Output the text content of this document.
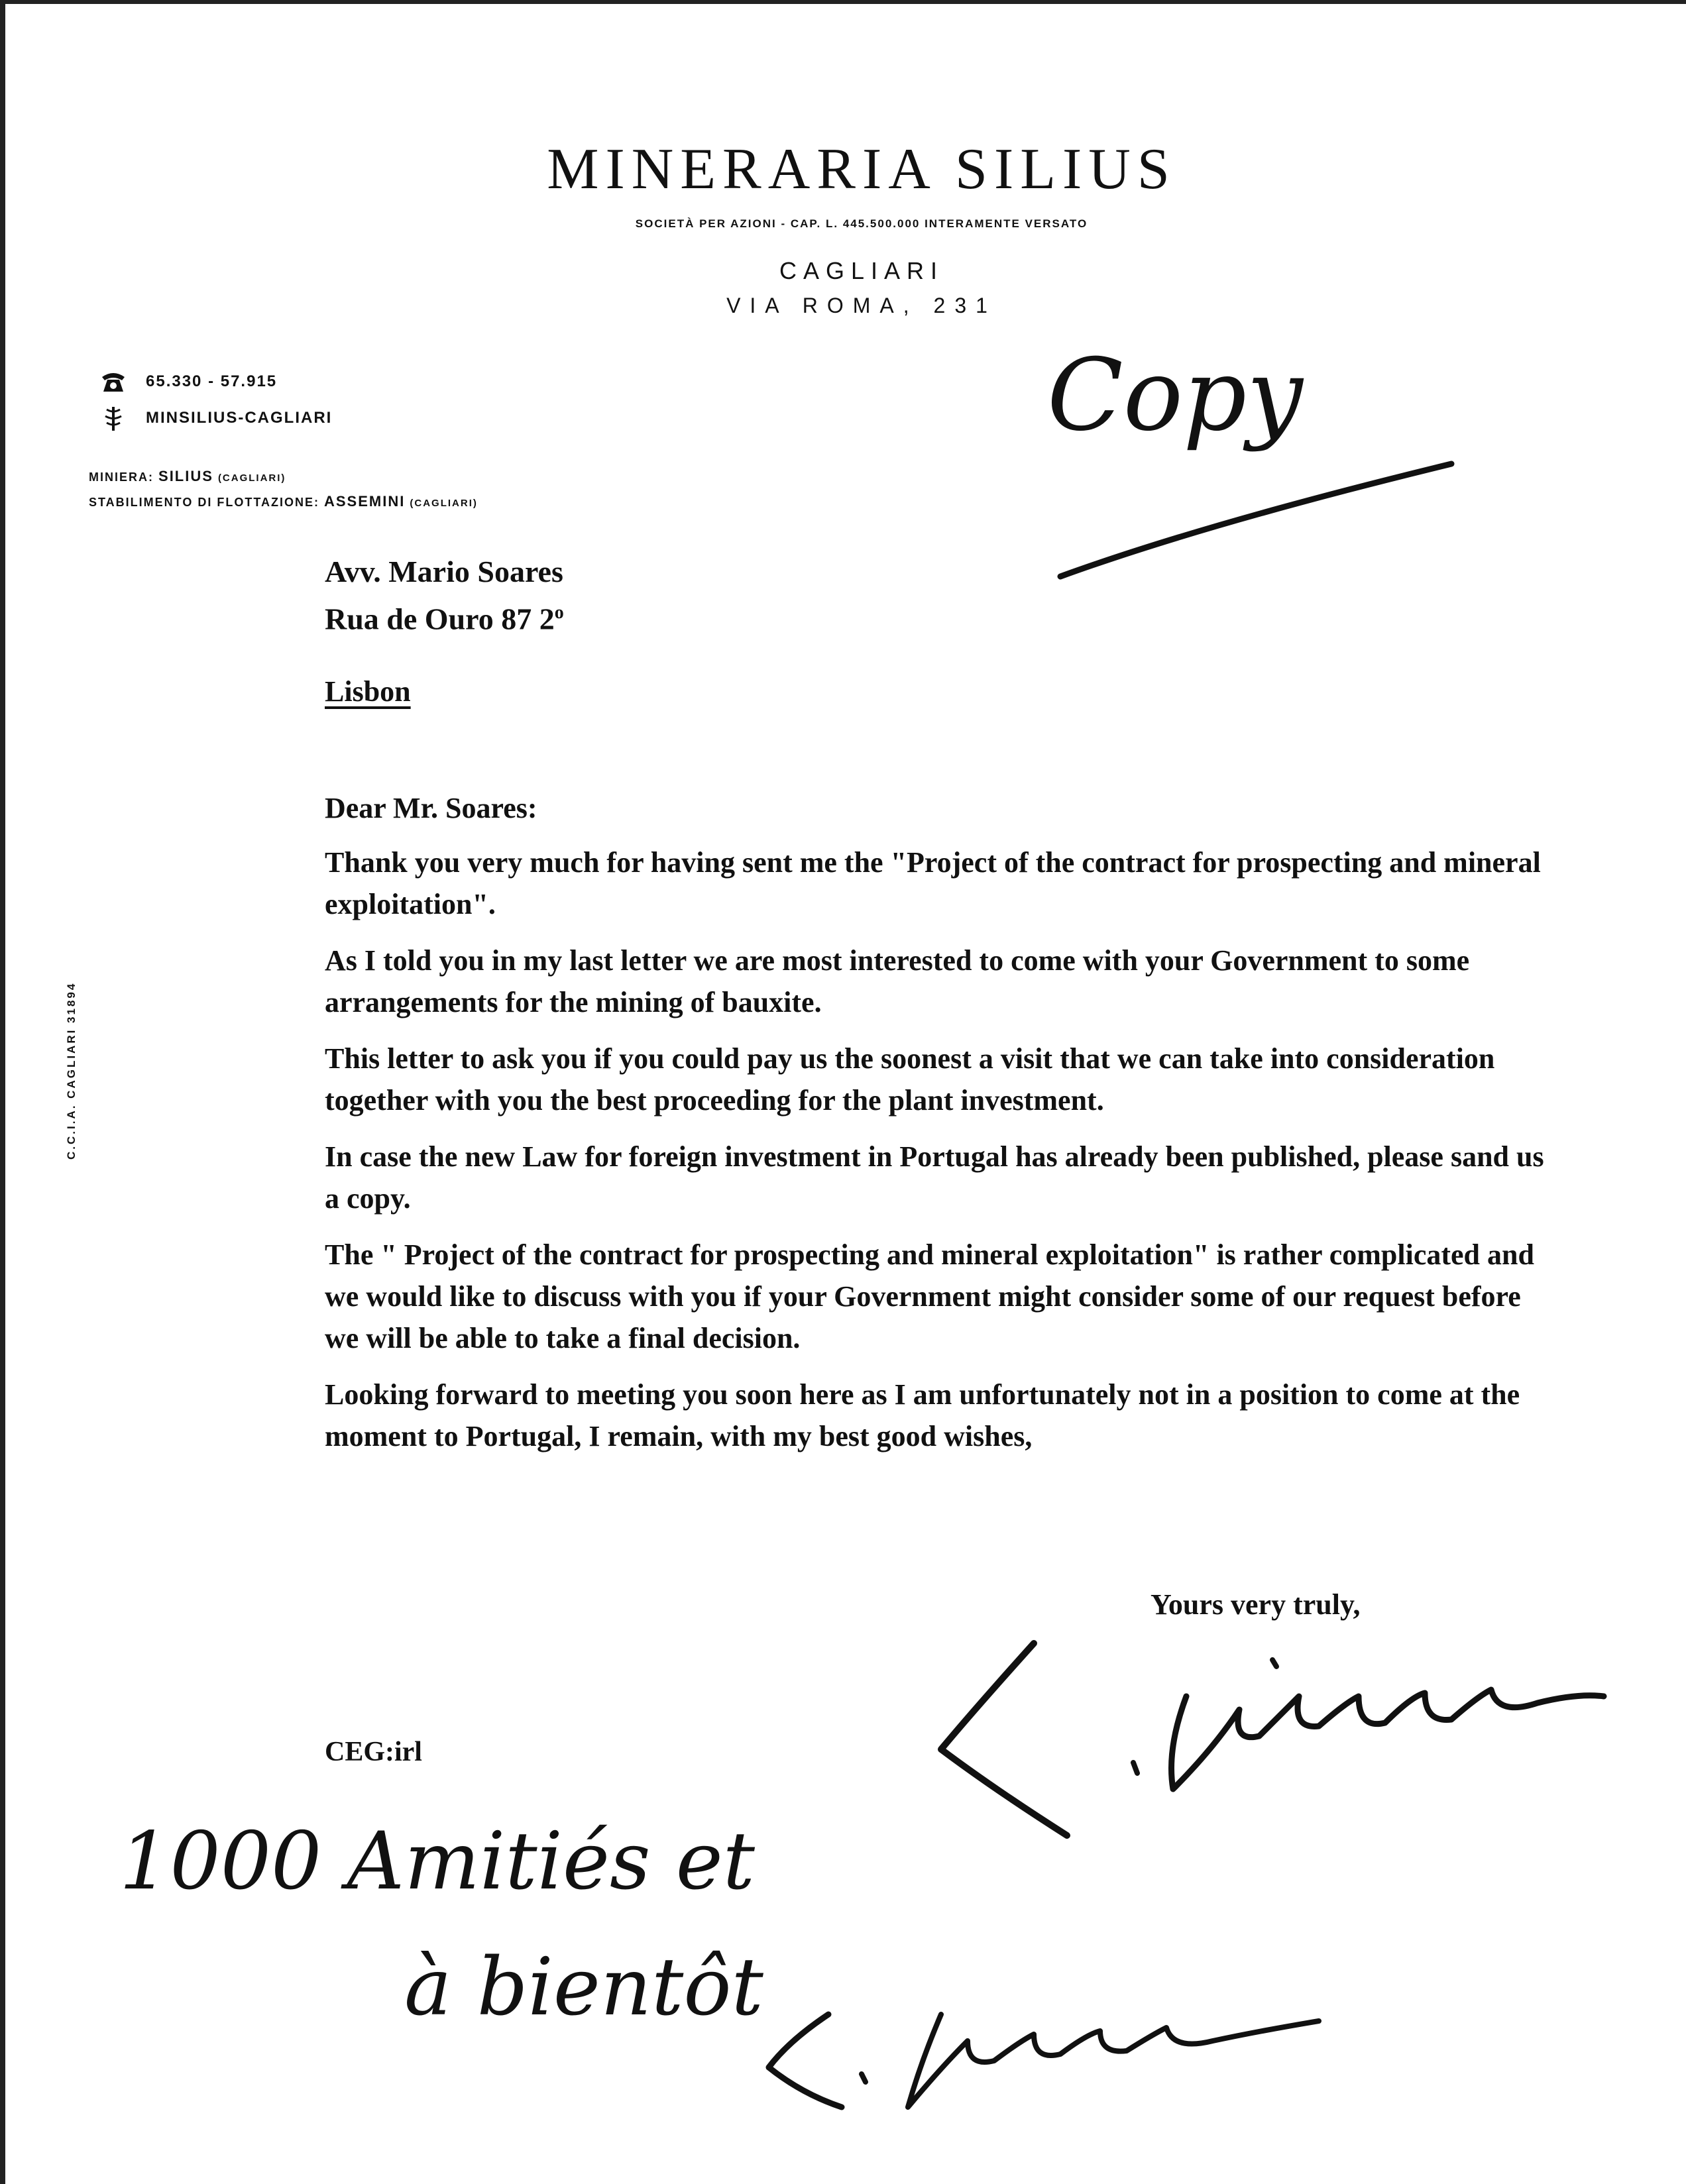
MINERARIA SILIUS
SOCIETÀ PER AZIONI - CAP. L. 445.500.000 INTERAMENTE VERSATO
CAGLIARI
VIA ROMA, 231
65.330 - 57.915
MINSILIUS-CAGLIARI
MINIERA: SILIUS (CAGLIARI)
STABILIMENTO DI FLOTTAZIONE: ASSEMINI (CAGLIARI)
C.C.I.A. CAGLIARI 31894
Avv. Mario Soares
Rua de Ouro 87 2$^o$
Lisbon
Dear Mr. Soares:

Thank you very much for having sent me the "Project of the contract for prospecting and mineral exploitation".

As I told you in my last letter we are most interested to come with your Government to some arrangements for the mining of bauxite.

This letter to ask you if you could pay us the soonest a visit that we can take into consideration together with you the best proceeding for the plant investment.

In case the new Law for foreign investment in Portugal has already been published, please sand us a copy.

The " Project of the contract for prospecting and mineral exploitation" is rather complicated and we would like to discuss with you if your Government might consider some of our request before we will be able to take a final decision.

Looking forward to meeting you soon here as I am unfortunately not in a position to come at the moment to Portugal, I remain, with my best good wishes,

Yours very truly,
CEG:irl
Copy
1000 Amitiés et
à bientôt
